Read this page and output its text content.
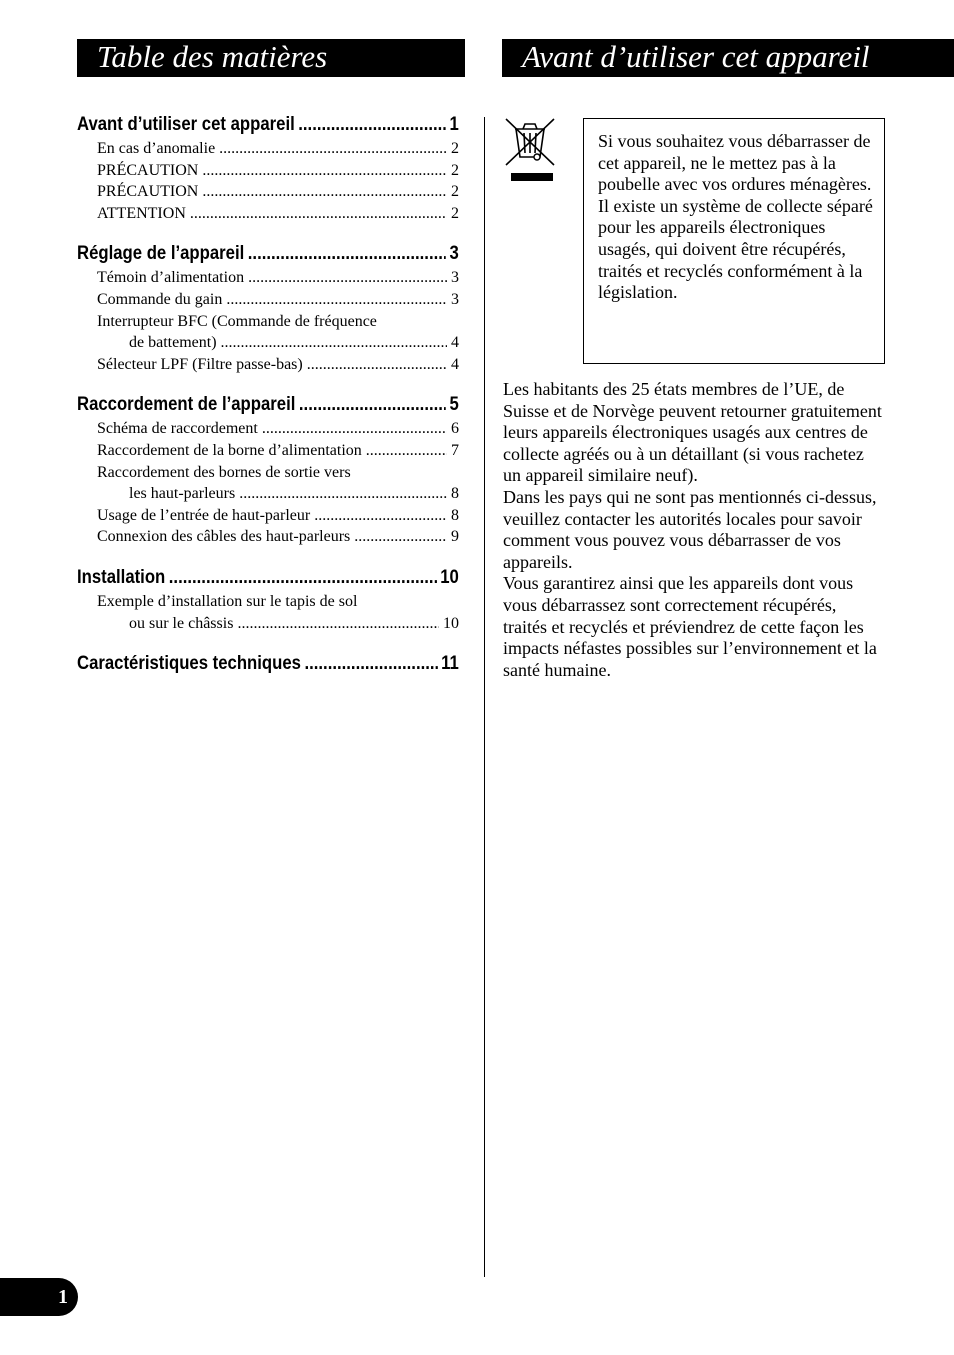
Table des matières	Avant d’utiliser cet appareil
Avant d’utiliser cet appareil .....	1
En cas d’anomalie .....	2
PRÉCAUTION .....	2
PRÉCAUTION .....	2
ATTENTION .....	2
Réglage de l’appareil .....	3
Témoin d’alimentation .....	3
Commande du gain .....	3
Interrupteur BFC (Commande de fréquence
de battement) .....	4
Sélecteur LPF (Filtre passe-bas) .....	4
Raccordement de l’appareil .....	5
Schéma de raccordement .....	6
Raccordement de la borne d’alimentation .....	7
Raccordement des bornes de sortie vers
les haut-parleurs .....	8
Usage de l’entrée de haut-parleur .....	8
Connexion des câbles des haut-parleurs .....	9
Installation .....	10
Exemple d’installation sur le tapis de sol
ou sur le châssis .....	10
Caractéristiques techniques .....	11
Si vous souhaitez vous débarrasser de cet appareil, ne le mettez pas à la poubelle avec vos ordures ménagères. Il existe un système de collecte séparé pour les appareils électroniques usagés, qui doivent être récupérés, traités et recyclés conformément à la législation.

Les habitants des 25 états membres de l’UE, de Suisse et de Norvège peuvent retourner gratuitement leurs appareils électroniques usagés aux centres de collecte agréés ou à un détaillant (si vous rachetez un appareil similaire neuf).

Dans les pays qui ne sont pas mentionnés ci-dessus, veuillez contacter les autorités locales pour savoir comment vous pouvez vous débarrasser de vos appareils.

Vous garantirez ainsi que les appareils dont vous vous débarrassez sont correctement récupérés, traités et recyclés et préviendrez de cette façon les impacts néfastes possibles sur l’environnement et la santé humaine.

1
